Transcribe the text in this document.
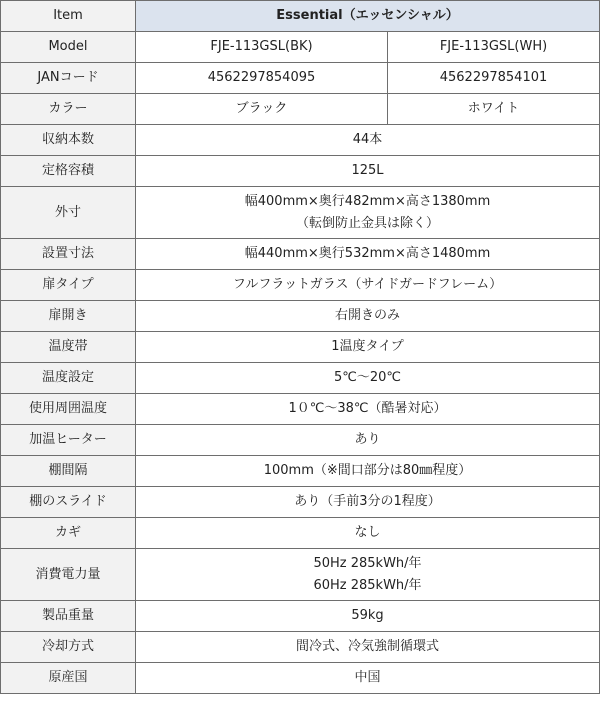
Item	Essential（エッセンシャル）	
Model	FJE-113GSL(BK)	FJE-113GSL(WH)
JANコード	4562297854095	4562297854101
カラー	ブラック	ホワイト
収納本数	44本	
定格容積	125L	
外寸	幅400mm×奥行482mm×高さ1380mm
（転倒防止金具は除く）	

設置寸法	幅440mm×奥行532mm×高さ1480mm	
扉タイプ	フルフラットガラス（サイドガードフレーム）	
扉開き	右開きのみ	
温度帯	1温度タイプ	
温度設定	5℃～20℃	
使用周囲温度	1０℃～38℃（酷暑対応）	
加温ヒーター	あり	
棚間隔	100mm（※間口部分は80㎜程度）	
棚のスライド	あり（手前3分の1程度）	
カギ	なし	
消費電力量	50Hz 285kWh/年
60Hz 285kWh/年	

製品重量	59kg	
冷却方式	間冷式、冷気強制循環式	
原産国	中国	
